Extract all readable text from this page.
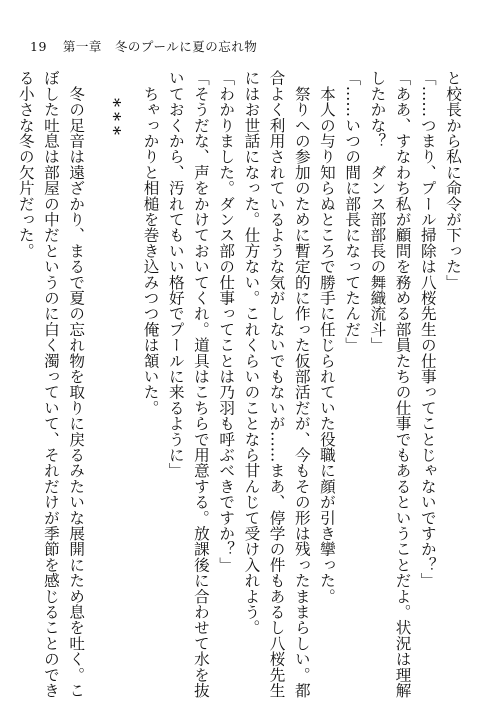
19 第一章　冬のプールに夏の忘れ物
と校長から私に命令が下った」
「……つまり、プール掃除は八桜先生の仕事ってことじゃないですか？」
「ああ、すなわち私が顧問を務める部員たちの仕事でもあるということだよ。状況は理解
したかな？　ダンス部部長の舞織流斗」
「……いつの間に部長になってたんだ」
　本人の与り知らぬところで勝手に任じられていた役職に顔が引き攣った。
　祭りへの参加のために暫定的に作った仮部活だが、今もその形は残ったままらしい。都
合よく利用されているような気がしないでもないが……まあ、停学の件もあるし八桜先生
にはお世話になった。仕方ない。これくらいのことなら甘んじて受け入れよう。
「わかりました。ダンス部の仕事ってことは乃羽も呼ぶべきですか？」
「そうだな、声をかけておいてくれ。道具はこちらで用意する。放課後に合わせて水を抜
いておくから、汚れてもいい格好でプールに来るように」
　ちゃっかりと相槌を巻き込みつつ俺は頷いた。
***
　冬の足音は遠ざかり、まるで夏の忘れ物を取りに戻るみたいな展開にため息を吐く。こ
ぼした吐息は部屋の中だというのに白く濁っていて、それだけが季節を感じることのでき
る小さな冬の欠片だった。
